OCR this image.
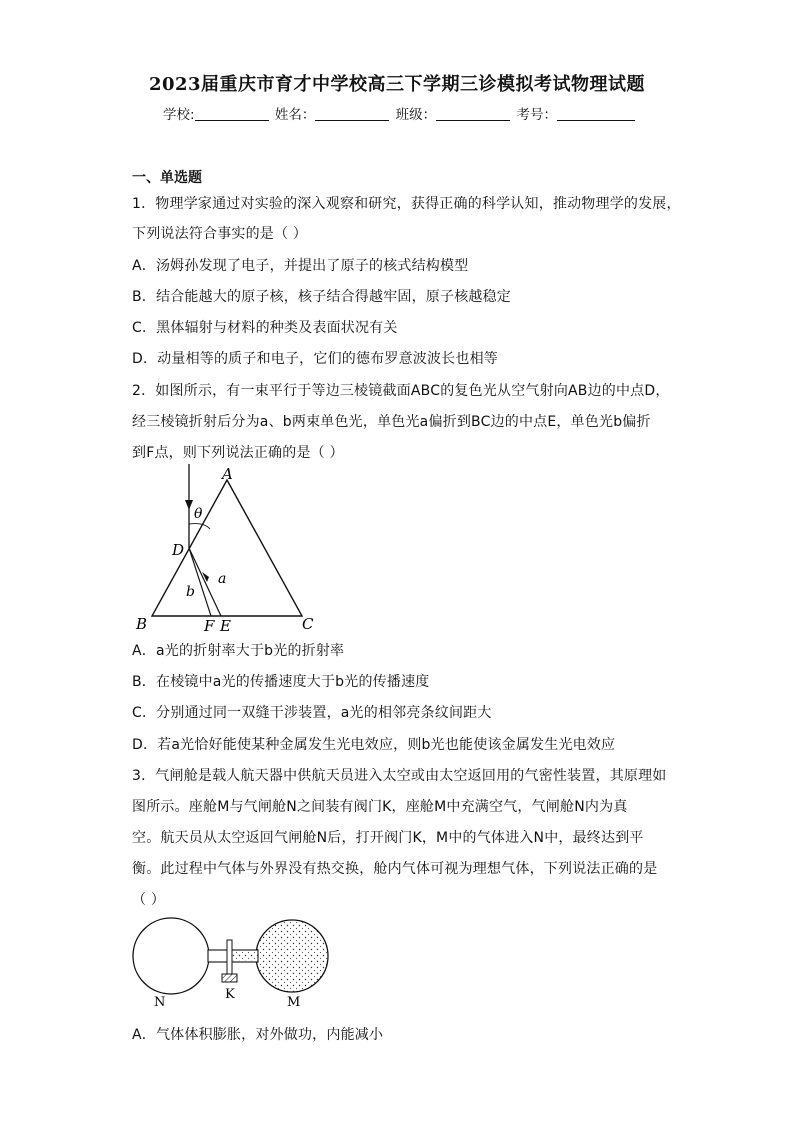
2023届重庆市育才中学校高三下学期三诊模拟考试物理试题
学校:	姓名：	班级：	考号：
一、单选题
1．物理学家通过对实验的深入观察和研究，获得正确的科学认知，推动物理学的发展，
下列说法符合事实的是（ ）
A．汤姆孙发现了电子，并提出了原子的核式结构模型
B．结合能越大的原子核，核子结合得越牢固，原子核越稳定
C．黑体辐射与材料的种类及表面状况有关
D．动量相等的质子和电子，它们的德布罗意波波长也相等
2．如图所示，有一束平行于等边三棱镜截面ABC的复色光从空气射向AB边的中点D，
经三棱镜折射后分为a、b两束单色光，单色光a偏折到BC边的中点E，单色光b偏折
到F点，则下列说法正确的是（ ）
θ
A
D
a
b
B	F E	C
A．a光的折射率大于b光的折射率
B．在棱镜中a光的传播速度大于b光的传播速度
C．分别通过同一双缝干涉装置，a光的相邻亮条纹间距大
D．若a光恰好能使某种金属发生光电效应，则b光也能使该金属发生光电效应
3．气闸舱是载人航天器中供航天员进入太空或由太空返回用的气密性装置，其原理如
图所示。座舱M与气闸舱N之间装有阀门K，座舱M中充满空气，气闸舱N内为真
空。航天员从太空返回气闸舱N后，打开阀门K，M中的气体进入N中，最终达到平
衡。此过程中气体与外界没有热交换，舱内气体可视为理想气体，下列说法正确的是
（ ）
N
K
M
A．气体体积膨胀，对外做功，内能减小
